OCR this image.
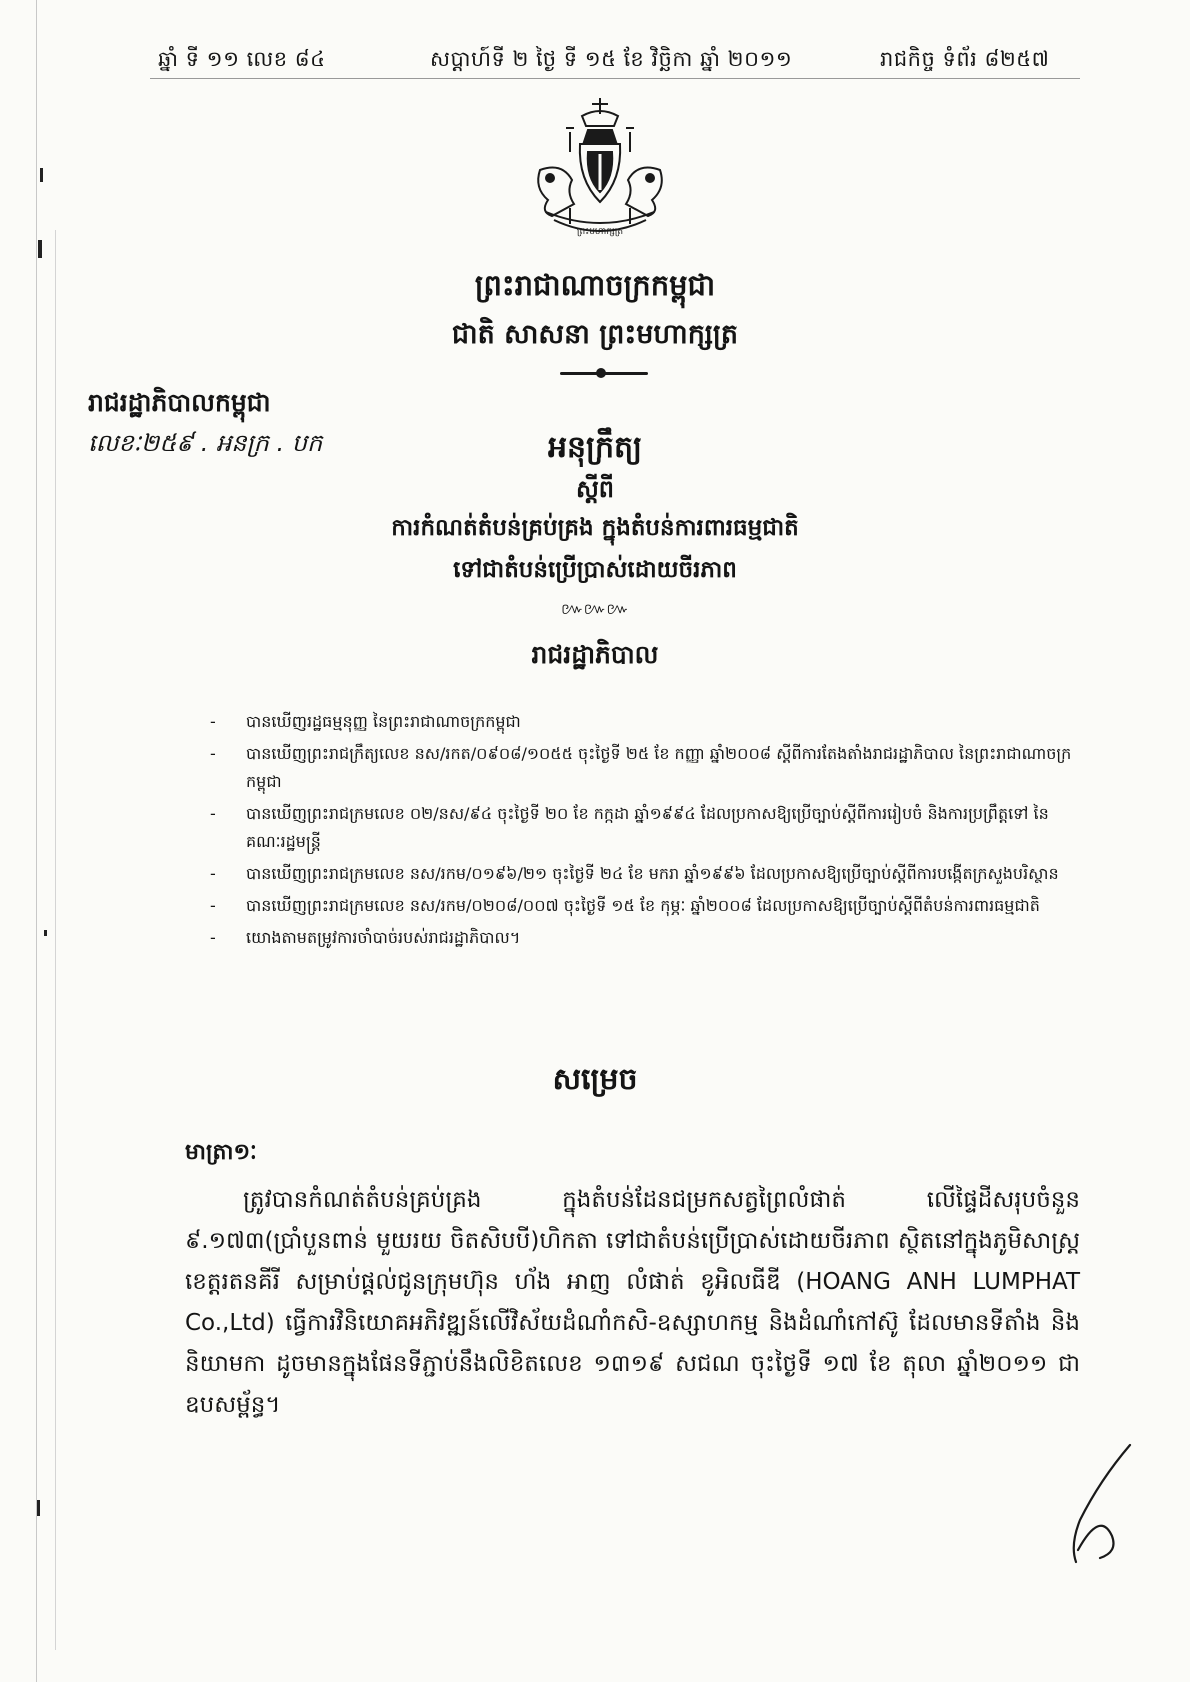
ឆ្នាំ ទី ១១ លេខ ៨៤	សប្តាហ៍ទី ២ ថ្ងៃ ទី ១៥ ខែ វិច្ឆិកា ឆ្នាំ ២០១១	រាជកិច្ច ទំព័រ ៨២៥៧
ព្រះមហាក្សត្រ
ព្រះរាជាណាចក្រកម្ពុជា
ជាតិ សាសនា ព្រះមហាក្សត្រ
រាជរដ្ឋាភិបាលកម្ពុជា
លេខៈ២៥៩ . អនក្រ . បក	អនុក្រឹត្យ
ស្តីពី
ការកំណត់តំបន់គ្រប់គ្រង ក្នុងតំបន់ការពារធម្មជាតិ
ទៅជាតំបន់ប្រើប្រាស់ដោយចីរភាព
៚៚៚
រាជរដ្ឋាភិបាល
- បានឃើញរដ្ឋធម្មនុញ្ញ នៃព្រះរាជាណាចក្រកម្ពុជា
- បានឃើញព្រះរាជក្រឹត្យលេខ នស/រកត/០៩០៨/១០៥៥ ចុះថ្ងៃទី ២៥ ខែ កញ្ញា ឆ្នាំ២០០៨ ស្តីពីការតែងតាំងរាជរដ្ឋាភិបាល នៃព្រះរាជាណាចក្រកម្ពុជា
- បានឃើញព្រះរាជក្រមលេខ ០២/នស/៩៤ ចុះថ្ងៃទី ២០ ខែ កក្កដា ឆ្នាំ១៩៩៤ ដែលប្រកាសឱ្យប្រើច្បាប់ស្តីពីការរៀបចំ និងការប្រព្រឹត្តទៅ នៃគណៈរដ្ឋមន្ត្រី
- បានឃើញព្រះរាជក្រមលេខ នស/រកម/០១៩៦/២១ ចុះថ្ងៃទី ២៤ ខែ មករា ឆ្នាំ១៩៩៦ ដែលប្រកាសឱ្យប្រើច្បាប់ស្តីពីការបង្កើតក្រសួងបរិស្ថាន
- បានឃើញព្រះរាជក្រមលេខ នស/រកម/០២០៨/០០៧ ចុះថ្ងៃទី ១៥ ខែ កុម្ភៈ ឆ្នាំ២០០៨ ដែលប្រកាសឱ្យប្រើច្បាប់ស្តីពីតំបន់ការពារធម្មជាតិ
- យោងតាមតម្រូវការចាំបាច់របស់រាជរដ្ឋាភិបាល។
សម្រេច
មាត្រា១ៈ

ត្រូវបានកំណត់តំបន់គ្រប់គ្រង ក្នុងតំបន់ដែនជម្រកសត្វព្រៃលំផាត់ លើផ្ទៃដីសរុបចំនួន ៩.១៧៣(ប្រាំបួនពាន់ មួយរយ ចិតសិបបី)ហិកតា ទៅជាតំបន់ប្រើប្រាស់ដោយចីរភាព ស្ថិតនៅក្នុងភូមិសាស្ត្រខេត្តរតនគីរី សម្រាប់ផ្តល់ជូនក្រុមហ៊ុន ហ័ង អាញ លំផាត់ ខូអិលធីឌី (HOANG ANH LUMPHAT Co.,Ltd) ធ្វើការវិនិយោគអភិវឌ្ឍន៍លើវិស័យដំណាំកសិ-ឧស្សាហកម្ម និងដំណាំកៅស៊ូ ដែលមានទីតាំង និងនិយាមកា ដូចមានក្នុងផែនទីភ្ជាប់នឹងលិខិតលេខ ១៣១៩ សជណ ចុះថ្ងៃទី ១៧ ខែ តុលា ឆ្នាំ២០១១ ជាឧបសម្ព័ន្ធ។
